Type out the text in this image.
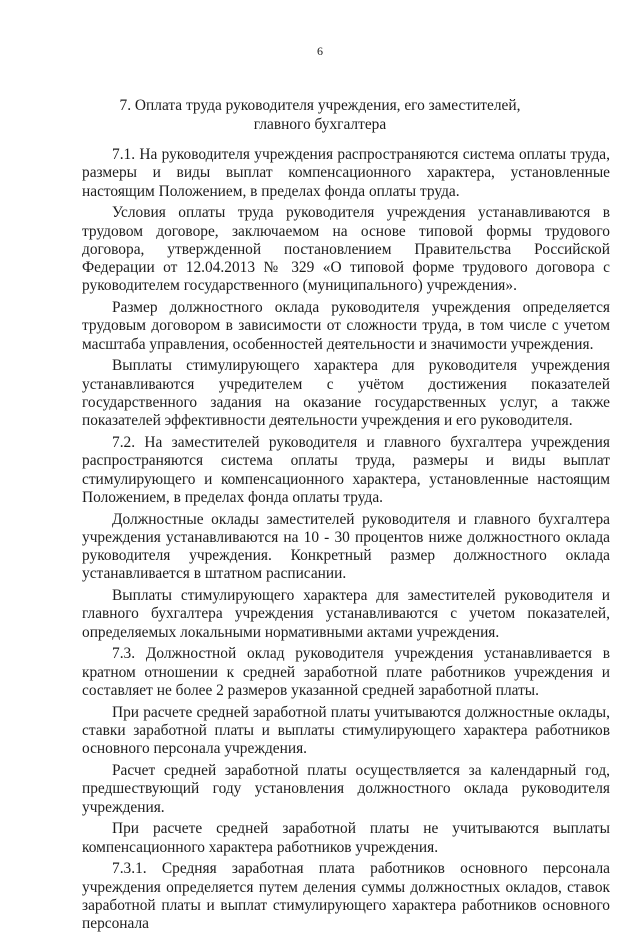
6
7. Оплата труда руководителя учреждения, его заместителей, главного бухгалтера

7.1. На руководителя учреждения распространяются система оплаты труда, размеры и виды выплат компенсационного характера, установленные настоящим Положением, в пределах фонда оплаты труда.

Условия оплаты труда руководителя учреждения устанавливаются в трудовом договоре, заключаемом на основе типовой формы трудового договора, утвержденной постановлением Правительства Российской Федерации от 12.04.2013 № 329 «О типовой форме трудового договора с руководителем государственного (муниципального) учреждения».

Размер должностного оклада руководителя учреждения определяется трудовым договором в зависимости от сложности труда, в том числе с учетом масштаба управления, особенностей деятельности и значимости учреждения.

Выплаты стимулирующего характера для руководителя учреждения устанавливаются учредителем с учётом достижения показателей государственного задания на оказание государственных услуг, а также показателей эффективности деятельности учреждения и его руководителя.

7.2. На заместителей руководителя и главного бухгалтера учреждения распространяются система оплаты труда, размеры и виды выплат стимулирующего и компенсационного характера, установленные настоящим Положением, в пределах фонда оплаты труда.

Должностные оклады заместителей руководителя и главного бухгалтера учреждения устанавливаются на 10 - 30 процентов ниже должностного оклада руководителя учреждения. Конкретный размер должностного оклада устанавливается в штатном расписании.

Выплаты стимулирующего характера для заместителей руководителя и главного бухгалтера учреждения устанавливаются с учетом показателей, определяемых локальными нормативными актами учреждения.

7.3. Должностной оклад руководителя учреждения устанавливается в кратном отношении к средней заработной плате работников учреждения и составляет не более 2 размеров указанной средней заработной платы.

При расчете средней заработной платы учитываются должностные оклады, ставки заработной платы и выплаты стимулирующего характера работников основного персонала учреждения.

Расчет средней заработной платы осуществляется за календарный год, предшествующий году установления должностного оклада руководителя учреждения.

При расчете средней заработной платы не учитываются выплаты компенсационного характера работников учреждения.

7.3.1. Средняя заработная плата работников основного персонала учреждения определяется путем деления суммы должностных окладов, ставок заработной платы и выплат стимулирующего характера работников основного персонала
